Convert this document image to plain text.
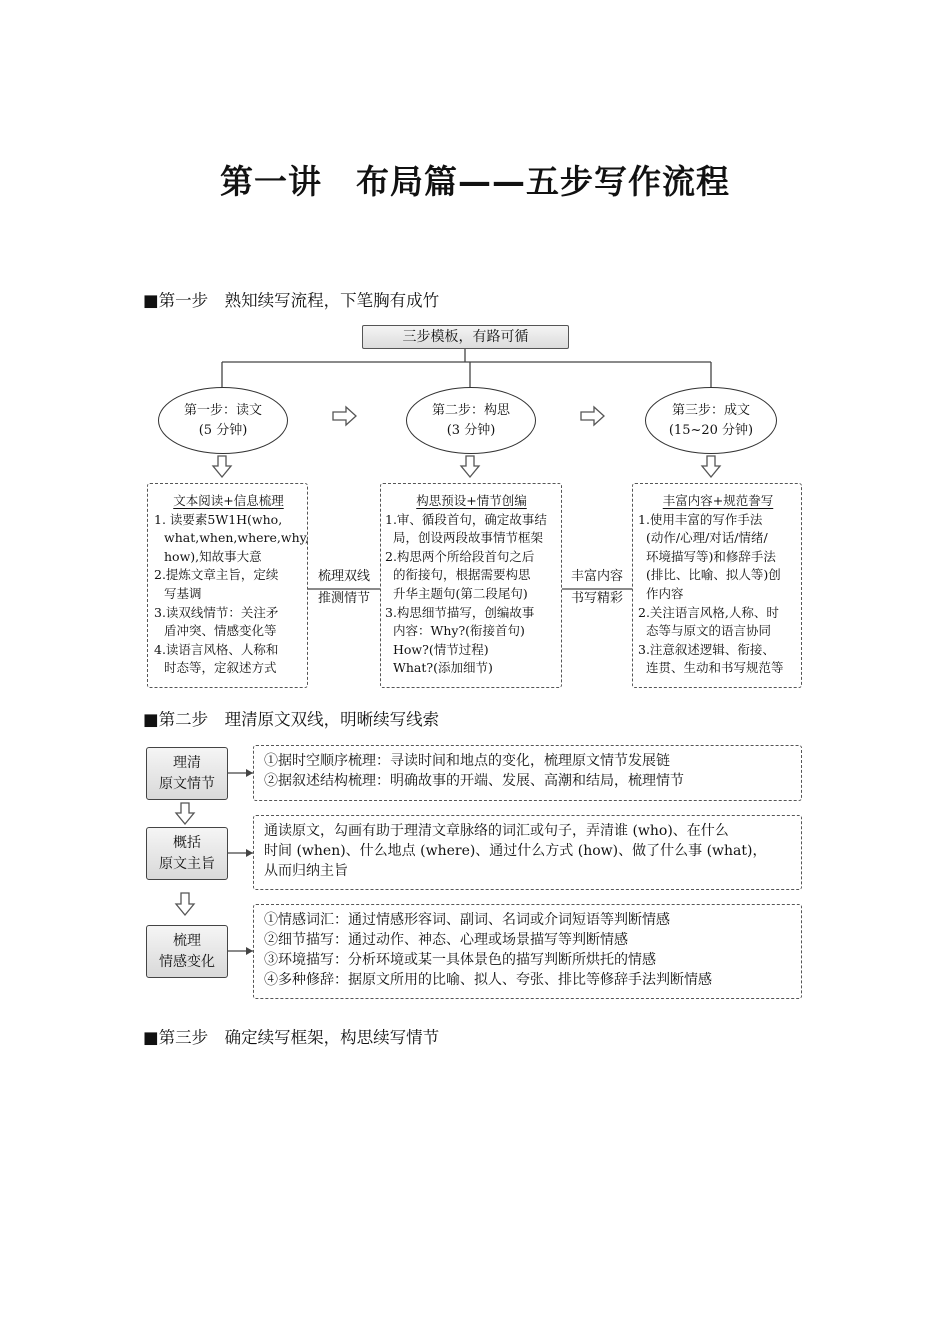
第一讲　布局篇——五步写作流程
■第一步　熟知续写流程，下笔胸有成竹
三步模板，有路可循
第一步：读文
(5 分钟)
第二步：构思
(3 分钟)
第三步：成文
(15~20 分钟)
文本阅读+信息梳理
1. 读要素5W1H(who,
what,when,where,why,
how),知故事大意
2.提炼文章主旨，定续
写基调
3.读双线情节：关注矛
盾冲突、情感变化等
4.读语言风格、人称和
时态等，定叙述方式
构思预设+情节创编
1.审、循段首句，确定故事结
局，创设两段故事情节框架
2.构思两个所给段首句之后
的衔接句，根据需要构思
升华主题句(第二段尾句)
3.构思细节描写，创编故事
内容：Why?(衔接首句)
How?(情节过程)
What?(添加细节)
丰富内容+规范誊写
1.使用丰富的写作手法
(动作/心理/对话/情绪/
环境描写等)和修辞手法
(排比、比喻、拟人等)创
作内容
2.关注语言风格,人称、时
态等与原文的语言协同
3.注意叙述逻辑、衔接、
连贯、生动和书写规范等
梳理双线
推测情节
丰富内容
书写精彩
■第二步　理清原文双线，明晰续写线索
理清
原文情节
①据时空顺序梳理：寻读时间和地点的变化，梳理原文情节发展链
②据叙述结构梳理：明确故事的开端、发展、高潮和结局，梳理情节
概括
原文主旨
通读原文，勾画有助于理清文章脉络的词汇或句子，弄清谁 (who)、在什么
时间 (when)、什么地点 (where)、通过什么方式 (how)、做了什么事 (what)，
从而归纳主旨
梳理
情感变化
①情感词汇：通过情感形容词、副词、名词或介词短语等判断情感
②细节描写：通过动作、神态、心理或场景描写等判断情感
③环境描写：分析环境或某一具体景色的描写判断所烘托的情感
④多种修辞：据原文所用的比喻、拟人、夸张、排比等修辞手法判断情感
■第三步　确定续写框架，构思续写情节
